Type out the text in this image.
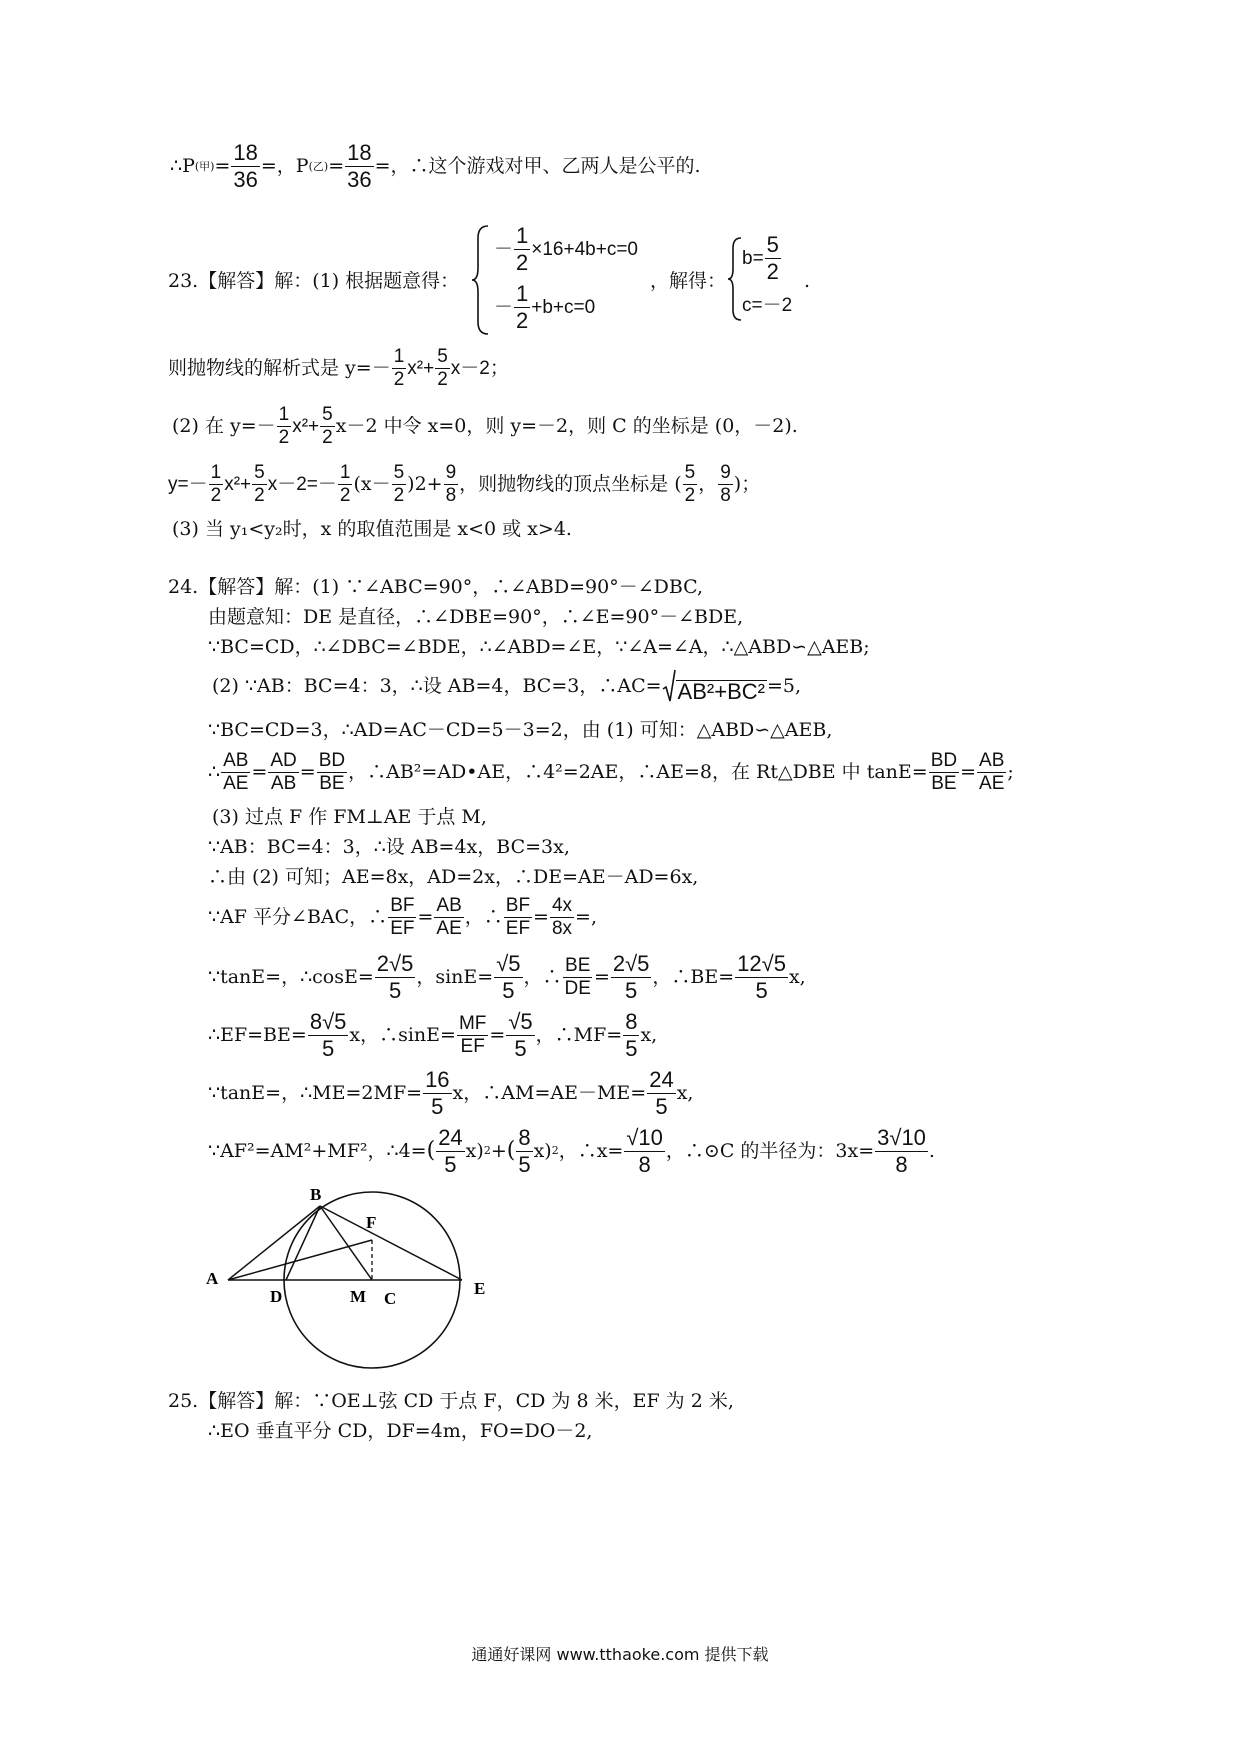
∴P (甲) = $\frac{18}{36}$ =，P (乙) = $\frac{18}{36}$ =，∴这个游戏对甲、乙两人是公平的.
23.【解答】解：(1) 根据题意得：
－ $\frac{1}{2} \times 16+4b+c=0$
－ $\frac{1}{2} +b+c=0$
，解得：
$b= \frac{5}{2}$
c=－2
.
则抛物线的解析式是 $y=- \frac{1}{2} x^2+ \frac{5}{2} x-2$；
(2) 在 $y=- \frac{1}{2} x^2+ \frac{5}{2} x-2$ 中令 x=0，则 y=－2，则 C 的坐标是 (0，－2).
$y=- \frac{1}{2} x^2+ \frac{5}{2} x-2=- \frac{1}{2} (x- \frac{5}{2} )2+ \frac{9}{8}$ ，则抛物线的顶点坐标是 ( $\frac{5}{2}$ ， $\frac{9}{8}$ )；
(3) 当 y₁<y₂时，x 的取值范围是 x<0 或 x>4.
24.【解答】解：(1) ∵∠ABC=90°，∴∠ABD=90°－∠DBC,
由题意知：DE 是直径，∴∠DBE=90°，∴∠E=90°－∠BDE,
∵BC=CD，∴∠DBC=∠BDE，∴∠ABD=∠E，∵∠A=∠A，∴△ABD∽△AEB;
(2) ∵AB：BC=4：3，∴设 AB=4，BC=3，∴AC= AB²+BC² =5,
∵BC=CD=3，∴AD=AC－CD=5－3=2，由 (1) 可知：△ABD∽△AEB,
∴ $\frac{AB}{AE} = \frac{AD}{AB} = \frac{BD}{BE}$ ，∴AB²=AD•AE，∴4²=2AE，∴AE=8，在 Rt△DBE 中 $\tan E= \frac{BD}{BE} = \frac{AB}{AE}$ ;
(3) 过点 F 作 FM⊥AE 于点 M,
∵AB：BC=4：3，∴设 AB=4x，BC=3x,
∴由 (2) 可知；AE=8x，AD=2x，∴DE=AE－AD=6x,
∵AF 平分∠BAC，∴ $\frac{BF}{EF} = \frac{AB}{AE}$ ，∴ $\frac{BF}{EF} = \frac{4x}{8x}$ =,
∵tanE=，∴cosE= $\frac{2√5}{5}$ ，$\sin E= \frac{√5}{5}$ ，∴ $\frac{BE}{DE} = \frac{2√5}{5}$ ，∴BE= $\frac{12√5}{5} x$,
∴EF=BE= $\frac{8√5}{5}$ x，∴sinE= $\frac{MF}{EF} = \frac{√5}{5}$ ，∴MF= $\frac{8}{5} x$,
∵tanE=，∴ME=2MF= $\frac{16}{5}$ x，∴AM=AE－ME= $\frac{24}{5} x$,
∵AF²=AM²+MF²，∴4= ( $\frac{24}{5} x$) 2 + ( $\frac{8}{5} x$) 2 ，∴x= $\frac{√10}{8}$ ，∴⊙C 的半径为：$3x= \frac{3√10}{8}$ .
A
B
F
D	M C
E
25.【解答】解：∵OE⊥弦 CD 于点 F，CD 为 8 米，EF 为 2 米,
∴EO 垂直平分 CD，DF=4m，FO=DO－2,
通通好课网 www.tthaoke.com 提供下载
